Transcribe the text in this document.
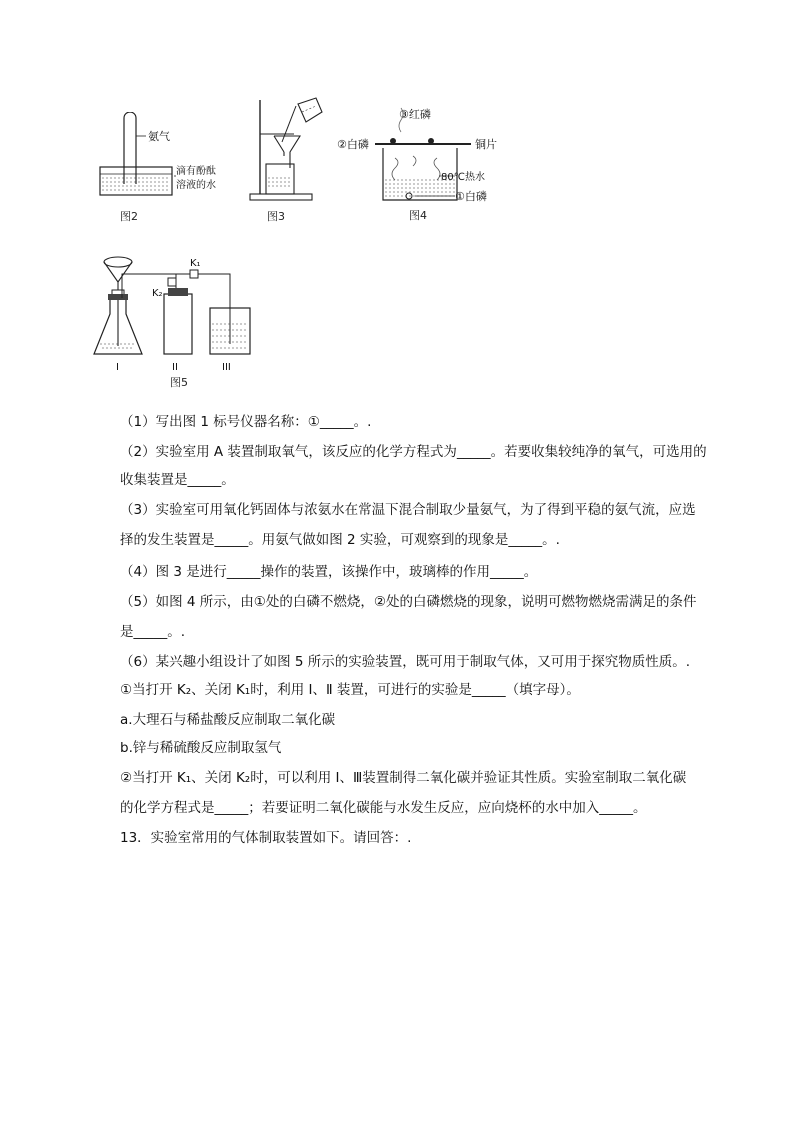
氨气
滴有酚酞
溶液的水
图2	图3
③红磷
②白磷	铜片
80℃热水
①白磷
图4
K₁
K₂
I	II	III
图5
（1）写出图 1 标号仪器名称：①_____。.
（2）实验室用 A 装置制取氧气，该反应的化学方程式为_____。若要收集较纯净的氧气，可选用的
收集装置是_____。
（3）实验室可用氧化钙固体与浓氨水在常温下混合制取少量氨气，为了得到平稳的氨气流，应选
择的发生装置是_____。用氨气做如图 2 实验，可观察到的现象是_____。.
（4）图 3 是进行_____操作的装置，该操作中，玻璃棒的作用_____。
（5）如图 4 所示，由①处的白磷不燃烧，②处的白磷燃烧的现象，说明可燃物燃烧需满足的条件
是_____。.
（6）某兴趣小组设计了如图 5 所示的实验装置，既可用于制取气体，又可用于探究物质性质。.
①当打开 K₂、关闭 K₁时，利用 Ⅰ、Ⅱ 装置，可进行的实验是_____（填字母）。
a.大理石与稀盐酸反应制取二氧化碳
b.锌与稀硫酸反应制取氢气
②当打开 K₁、关闭 K₂时，可以利用 Ⅰ、Ⅲ装置制得二氧化碳并验证其性质。实验室制取二氧化碳
的化学方程式是_____；若要证明二氧化碳能与水发生反应，应向烧杯的水中加入_____。
13．实验室常用的气体制取装置如下。请回答：.
